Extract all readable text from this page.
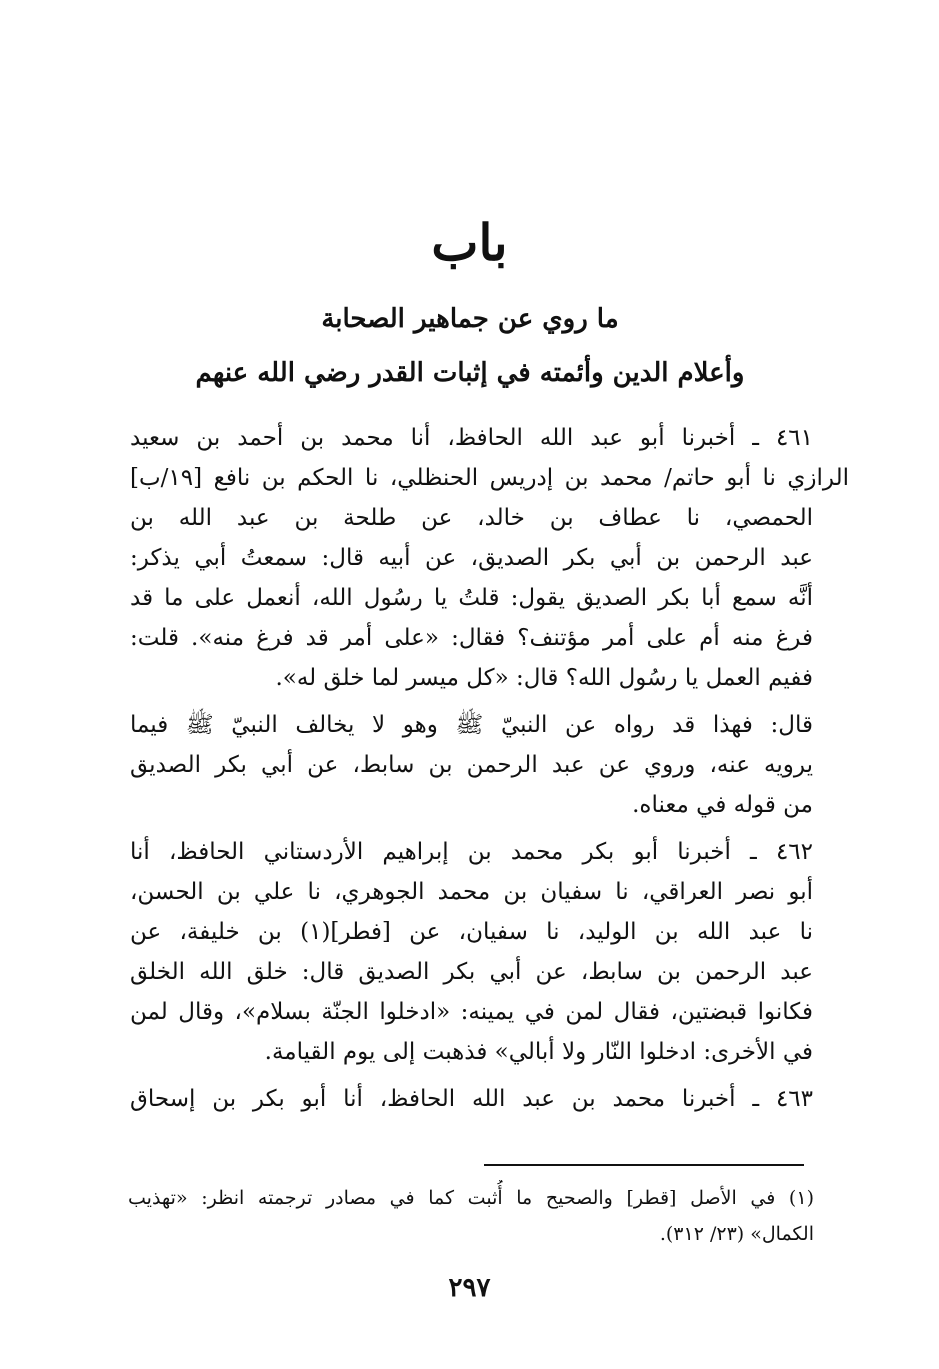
باب
ما روي عن جماهير الصحابة
وأعلام الدين وأئمته في إثبات القدر رضي الله عنهم
٤٦١ ـ أخبرنا أبو عبد الله الحافظ، أنا محمد بن أحمد بن سعيد
الرازي نا أبو حاتم/ محمد بن إدريس الحنظلي، نا الحكم بن نافع [١٩/ب]
الحمصي، نا عطاف بن خالد، عن طلحة بن عبد الله بن
عبد الرحمن بن أبي بكر الصديق، عن أبيه قال: سمعتُ أبي يذكر:
أنَّه سمع أبا بكر الصديق يقول: قلتُ يا رسُول الله، أنعمل على ما قد
فرغ منه أم على أمر مؤتنف؟ فقال: «على أمر قد فرغ منه». قلت:
ففيم العمل يا رسُول الله؟ قال: «كل ميسر لما خلق له».
قال: فهذا قد رواه عن النبيّ ﷺ وهو لا يخالف النبيّ ﷺ فيما
يرويه عنه، وروي عن عبد الرحمن بن سابط، عن أبي بكر الصديق
من قوله في معناه.
٤٦٢ ـ أخبرنا أبو بكر محمد بن إبراهيم الأردستاني الحافظ، أنا
أبو نصر العراقي، نا سفيان بن محمد الجوهري، نا علي بن الحسن،
نا عبد الله بن الوليد، نا سفيان، عن [فطر](١) بن خليفة، عن
عبد الرحمن بن سابط، عن أبي بكر الصديق قال: خلق الله الخلق
فكانوا قبضتين، فقال لمن في يمينه: «ادخلوا الجنّة بسلام»، وقال لمن
في الأخرى: ادخلوا النّار ولا أبالي» فذهبت إلى يوم القيامة.
٤٦٣ ـ أخبرنا محمد بن عبد الله الحافظ، أنا أبو بكر بن إسحاق
(١) في الأصل [قطر] والصحيح ما أُثبت كما في مصادر ترجمته انظر: «تهذيب
الكمال» (٢٣/ ٣١٢).
٢٩٧
